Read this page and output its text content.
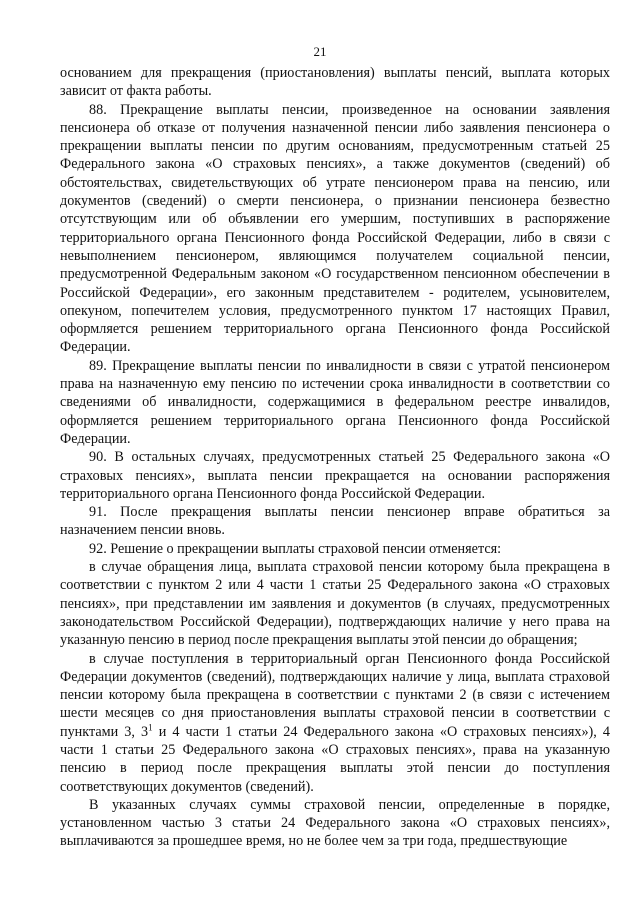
21

основанием для прекращения (приостановления) выплаты пенсий, выплата которых зависит от факта работы.

88. Прекращение выплаты пенсии, произведенное на основании заявления пенсионера об отказе от получения назначенной пенсии либо заявления пенсионера о прекращении выплаты пенсии по другим основаниям, предусмотренным статьей 25 Федерального закона «О страховых пенсиях», а также документов (сведений) об обстоятельствах, свидетельствующих об утрате пенсионером права на пенсию, или документов (сведений) о смерти пенсионера, о признании пенсионера безвестно отсутствующим или об объявлении его умершим, поступивших в распоряжение территориального органа Пенсионного фонда Российской Федерации, либо в связи с невыполнением пенсионером, являющимся получателем социальной пенсии, предусмотренной Федеральным законом «О государственном пенсионном обеспечении в Российской Федерации», его законным представителем - родителем, усыновителем, опекуном, попечителем условия, предусмотренного пунктом 17 настоящих Правил, оформляется решением территориального органа Пенсионного фонда Российской Федерации.

89. Прекращение выплаты пенсии по инвалидности в связи с утратой пенсионером права на назначенную ему пенсию по истечении срока инвалидности в соответствии со сведениями об инвалидности, содержащимися в федеральном реестре инвалидов, оформляется решением территориального органа Пенсионного фонда Российской Федерации.

90. В остальных случаях, предусмотренных статьей 25 Федерального закона «О страховых пенсиях», выплата пенсии прекращается на основании распоряжения территориального органа Пенсионного фонда Российской Федерации.

91. После прекращения выплаты пенсии пенсионер вправе обратиться за назначением пенсии вновь.

92. Решение о прекращении выплаты страховой пенсии отменяется:

в случае обращения лица, выплата страховой пенсии которому была прекращена в соответствии с пунктом 2 или 4 части 1 статьи 25 Федерального закона «О страховых пенсиях», при представлении им заявления и документов (в случаях, предусмотренных законодательством Российской Федерации), подтверждающих наличие у него права на указанную пенсию в период после прекращения выплаты этой пенсии до обращения;

в случае поступления в территориальный орган Пенсионного фонда Российской Федерации документов (сведений), подтверждающих наличие у лица, выплата страховой пенсии которому была прекращена в соответствии с пунктами 2 (в связи с истечением шести месяцев со дня приостановления выплаты страховой пенсии в соответствии с пунктами 3, $3^1$ и 4 части 1 статьи 24 Федерального закона «О страховых пенсиях»), 4 части 1 статьи 25 Федерального закона «О страховых пенсиях», права на указанную пенсию в период после прекращения выплаты этой пенсии до поступления соответствующих документов (сведений).

В указанных случаях суммы страховой пенсии, определенные в порядке, установленном частью 3 статьи 24 Федерального закона «О страховых пенсиях», выплачиваются за прошедшее время, но не более чем за три года, предшествующие
